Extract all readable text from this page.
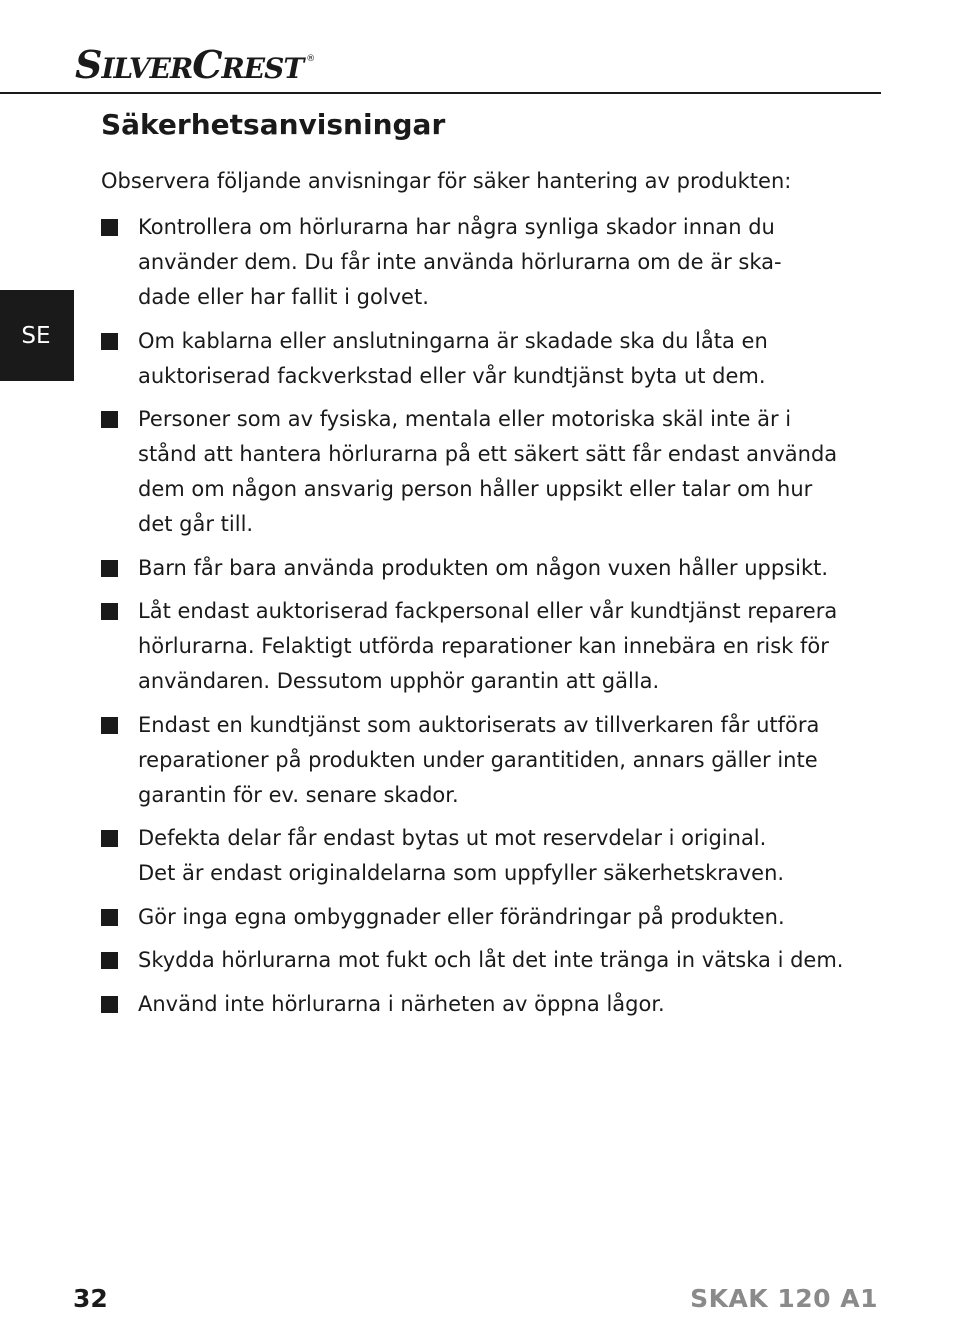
S ILVER C REST ®
SE
Säkerhetsanvisningar
Observera följande anvisningar för säker hantering av produkten:
Kontrollera om hörlurarna har några synliga skador innan du
använder dem. Du får inte använda hörlurarna om de är ska-
dade eller har fallit i golvet.
Om kablarna eller anslutningarna är skadade ska du låta en
auktoriserad fackverkstad eller vår kundtjänst byta ut dem.
Personer som av fysiska, mentala eller motoriska skäl inte är i
stånd att hantera hörlurarna på ett säkert sätt får endast använda
dem om någon ansvarig person håller uppsikt eller talar om hur
det går till.
Barn får bara använda produkten om någon vuxen håller uppsikt.
Låt endast auktoriserad fackpersonal eller vår kundtjänst reparera
hörlurarna. Felaktigt utförda reparationer kan innebära en risk för
användaren. Dessutom upphör garantin att gälla.
Endast en kundtjänst som auktoriserats av tillverkaren får utföra
reparationer på produkten under garantitiden, annars gäller inte
garantin för ev. senare skador.
Defekta delar får endast bytas ut mot reservdelar i original.
Det är endast originaldelarna som uppfyller säkerhetskraven.
Gör inga egna ombyggnader eller förändringar på produkten.
Skydda hörlurarna mot fukt och låt det inte tränga in vätska i dem.
Använd inte hörlurarna i närheten av öppna lågor.
32	SKAK 120 A1
